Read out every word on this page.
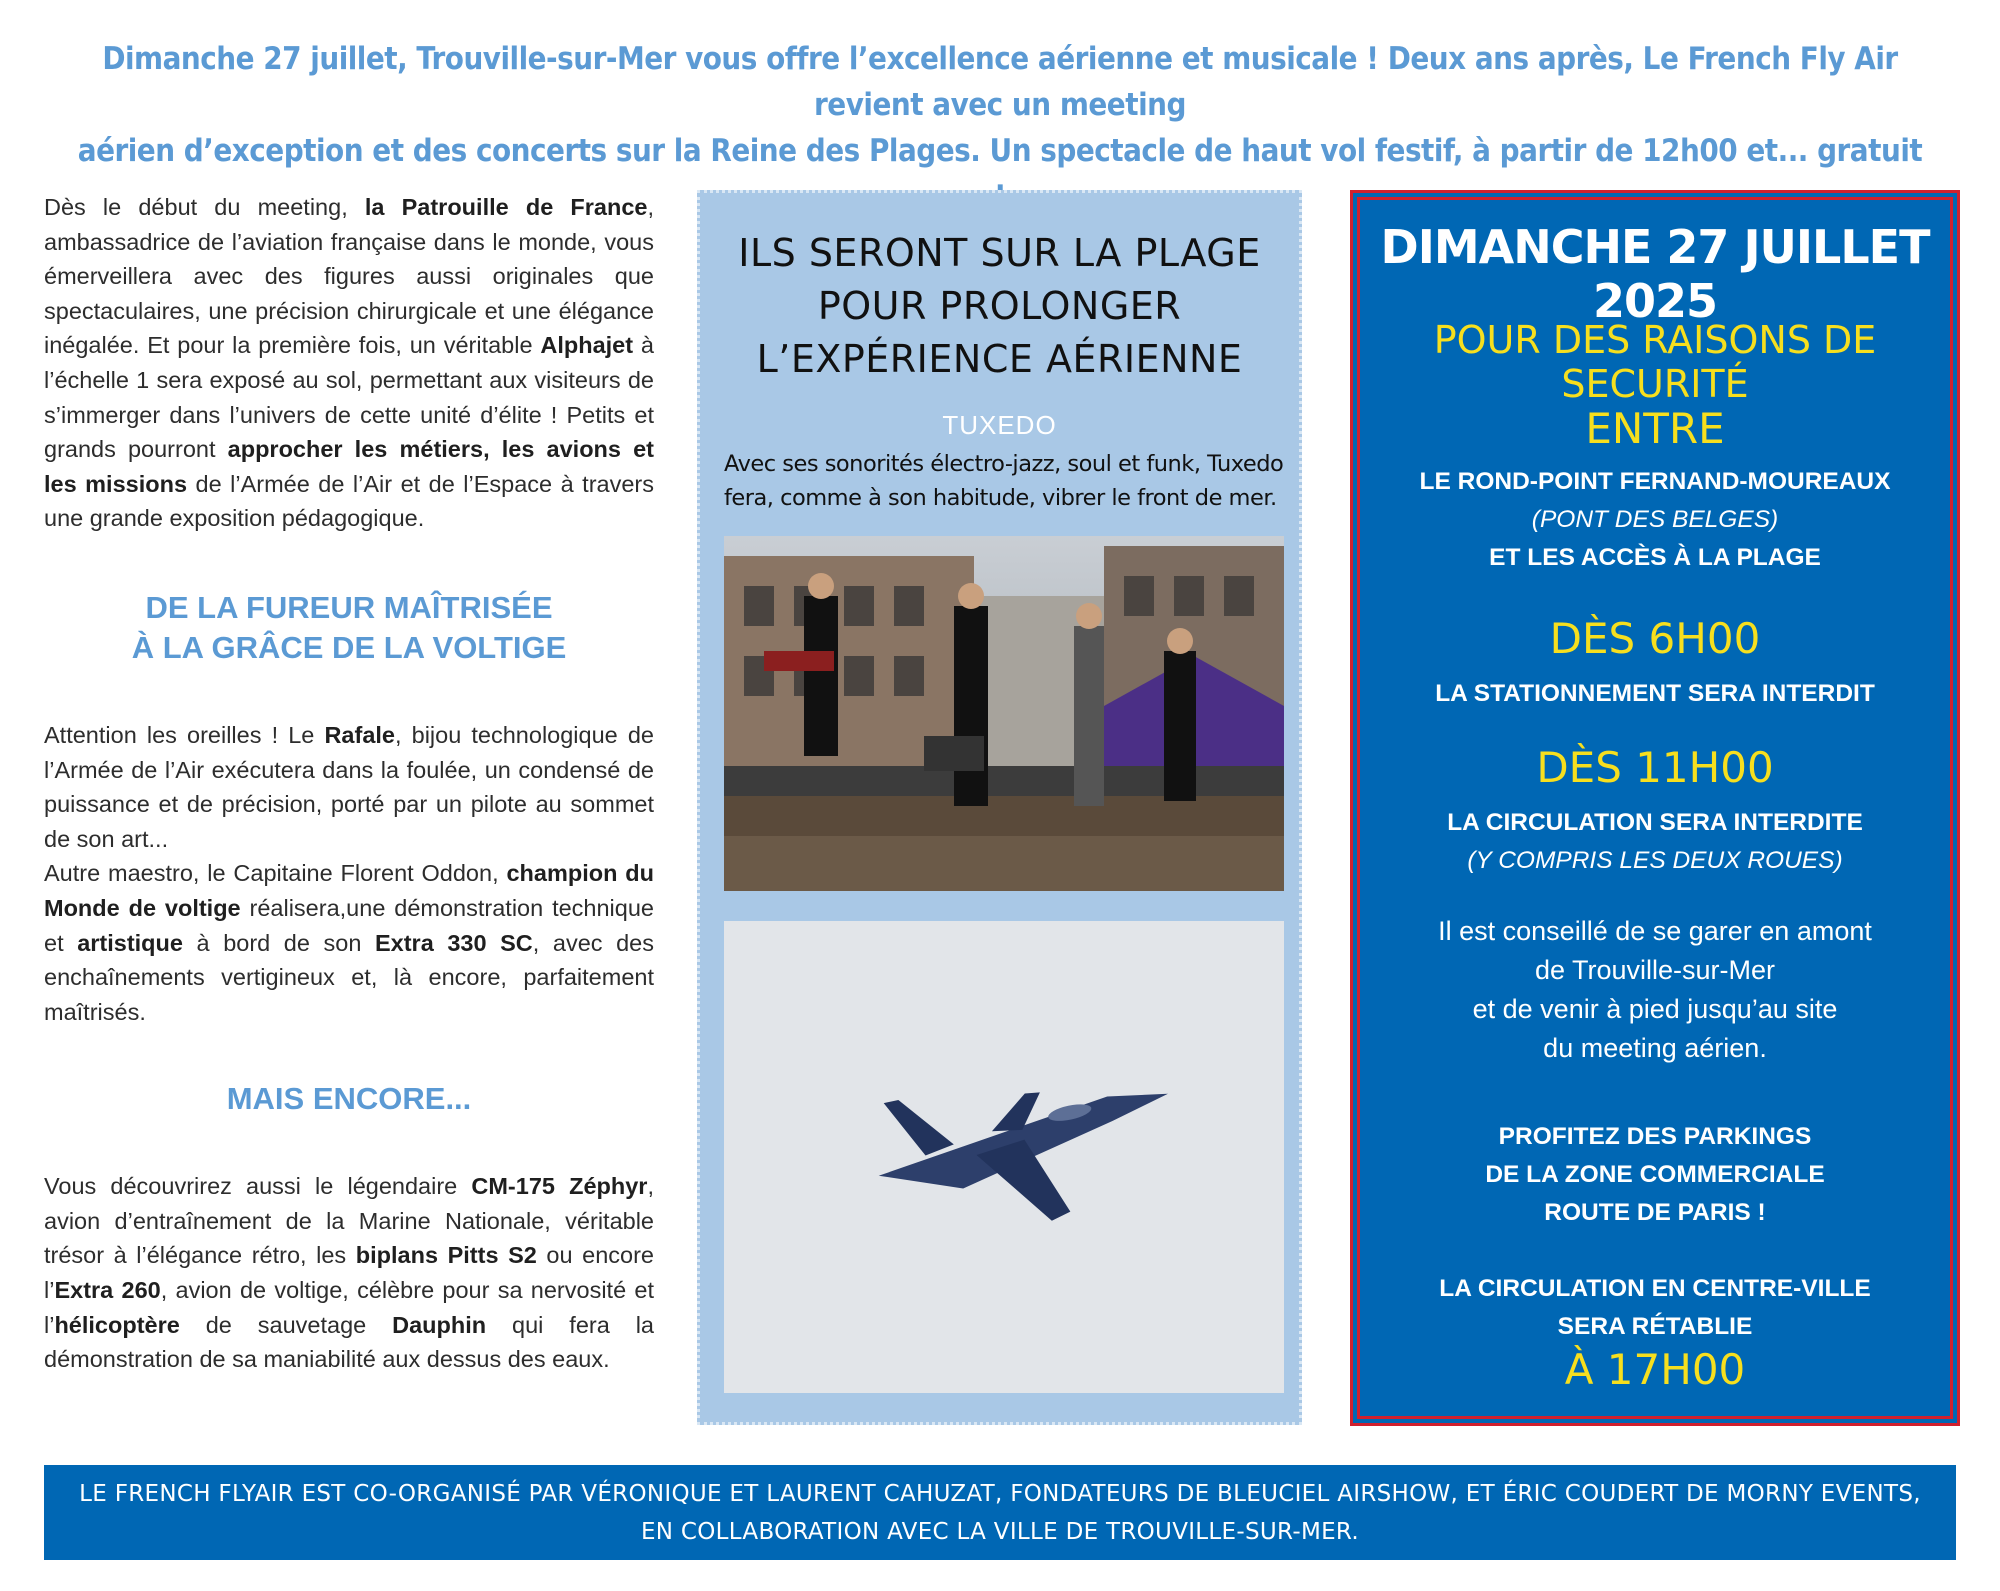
Dimanche 27 juillet, Trouville-sur-Mer vous offre l’excellence aérienne et musicale ! Deux ans après, Le French Fly Air revient avec un meeting
aérien d’exception et des concerts sur la Reine des Plages. Un spectacle de haut vol festif, à partir de 12h00 et... gratuit

Dès le début du meeting, la Patrouille de France, ambassadrice de l’aviation française dans le monde, vous émerveillera avec des figures aussi originales que spectaculaires, une précision chirurgicale et une élégance inégalée. Et pour la première fois, un véritable Alphajet à l’échelle 1 sera exposé au sol, permettant aux visiteurs de s’immerger dans l’univers de cette unité d’élite ! Petits et grands pourront approcher les métiers, les avions et les missions de l’Armée de l’Air et de l’Espace à travers une grande exposition pédagogique.

DE LA FUREUR MAÎTRISÉE
À LA GRÂCE DE LA VOLTIGE

Attention les oreilles ! Le Rafale, bijou technologique de l’Armée de l’Air exécutera dans la foulée, un condensé de puissance et de précision, porté par un pilote au sommet de son art...

Autre maestro, le Capitaine Florent Oddon, champion du Monde de voltige réalisera,une démonstration technique et artistique à bord de son Extra 330 SC, avec des enchaînements vertigineux et, là encore, parfaitement maîtrisés.

MAIS ENCORE...

Vous découvrirez aussi le légendaire CM-175 Zéphyr, avion d’entraînement de la Marine Nationale, véritable trésor à l’élégance rétro, les biplans Pitts S2 ou encore l’Extra 260, avion de voltige, célèbre pour sa nervosité et l’hélicoptère de sauvetage Dauphin qui fera la démonstration de sa maniabilité aux dessus des eaux.

ILS SERONT SUR LA PLAGE
POUR PROLONGER
L’EXPÉRIENCE AÉRIENNE
TUXEDO
Avec ses sonorités électro-jazz, soul et funk, Tuxedo fera, comme à son habitude, vibrer le front de mer.
DIMANCHE 27 JUILLET 2025
POUR DES RAISONS DE SECURITÉ
ENTRE
LE ROND-POINT FERNAND-MOUREAUX
(PONT DES BELGES)
ET LES ACCÈS À LA PLAGE
DÈS 6H00
LA STATIONNEMENT SERA INTERDIT
DÈS 11H00
LA CIRCULATION SERA INTERDITE
(Y COMPRIS LES DEUX ROUES)
Il est conseillé de se garer en amont
de Trouville-sur-Mer
et de venir à pied jusqu’au site
du meeting aérien.
PROFITEZ DES PARKINGS
DE LA ZONE COMMERCIALE
ROUTE DE PARIS !
LA CIRCULATION EN CENTRE-VILLE
SERA RÉTABLIE
À 17H00
LE FRENCH FLYAIR EST CO-ORGANISÉ PAR VÉRONIQUE ET LAURENT CAHUZAT, FONDATEURS DE BLEUCIEL AIRSHOW, ET ÉRIC COUDERT DE MORNY EVENTS,
EN COLLABORATION AVEC LA VILLE DE TROUVILLE-SUR-MER.
